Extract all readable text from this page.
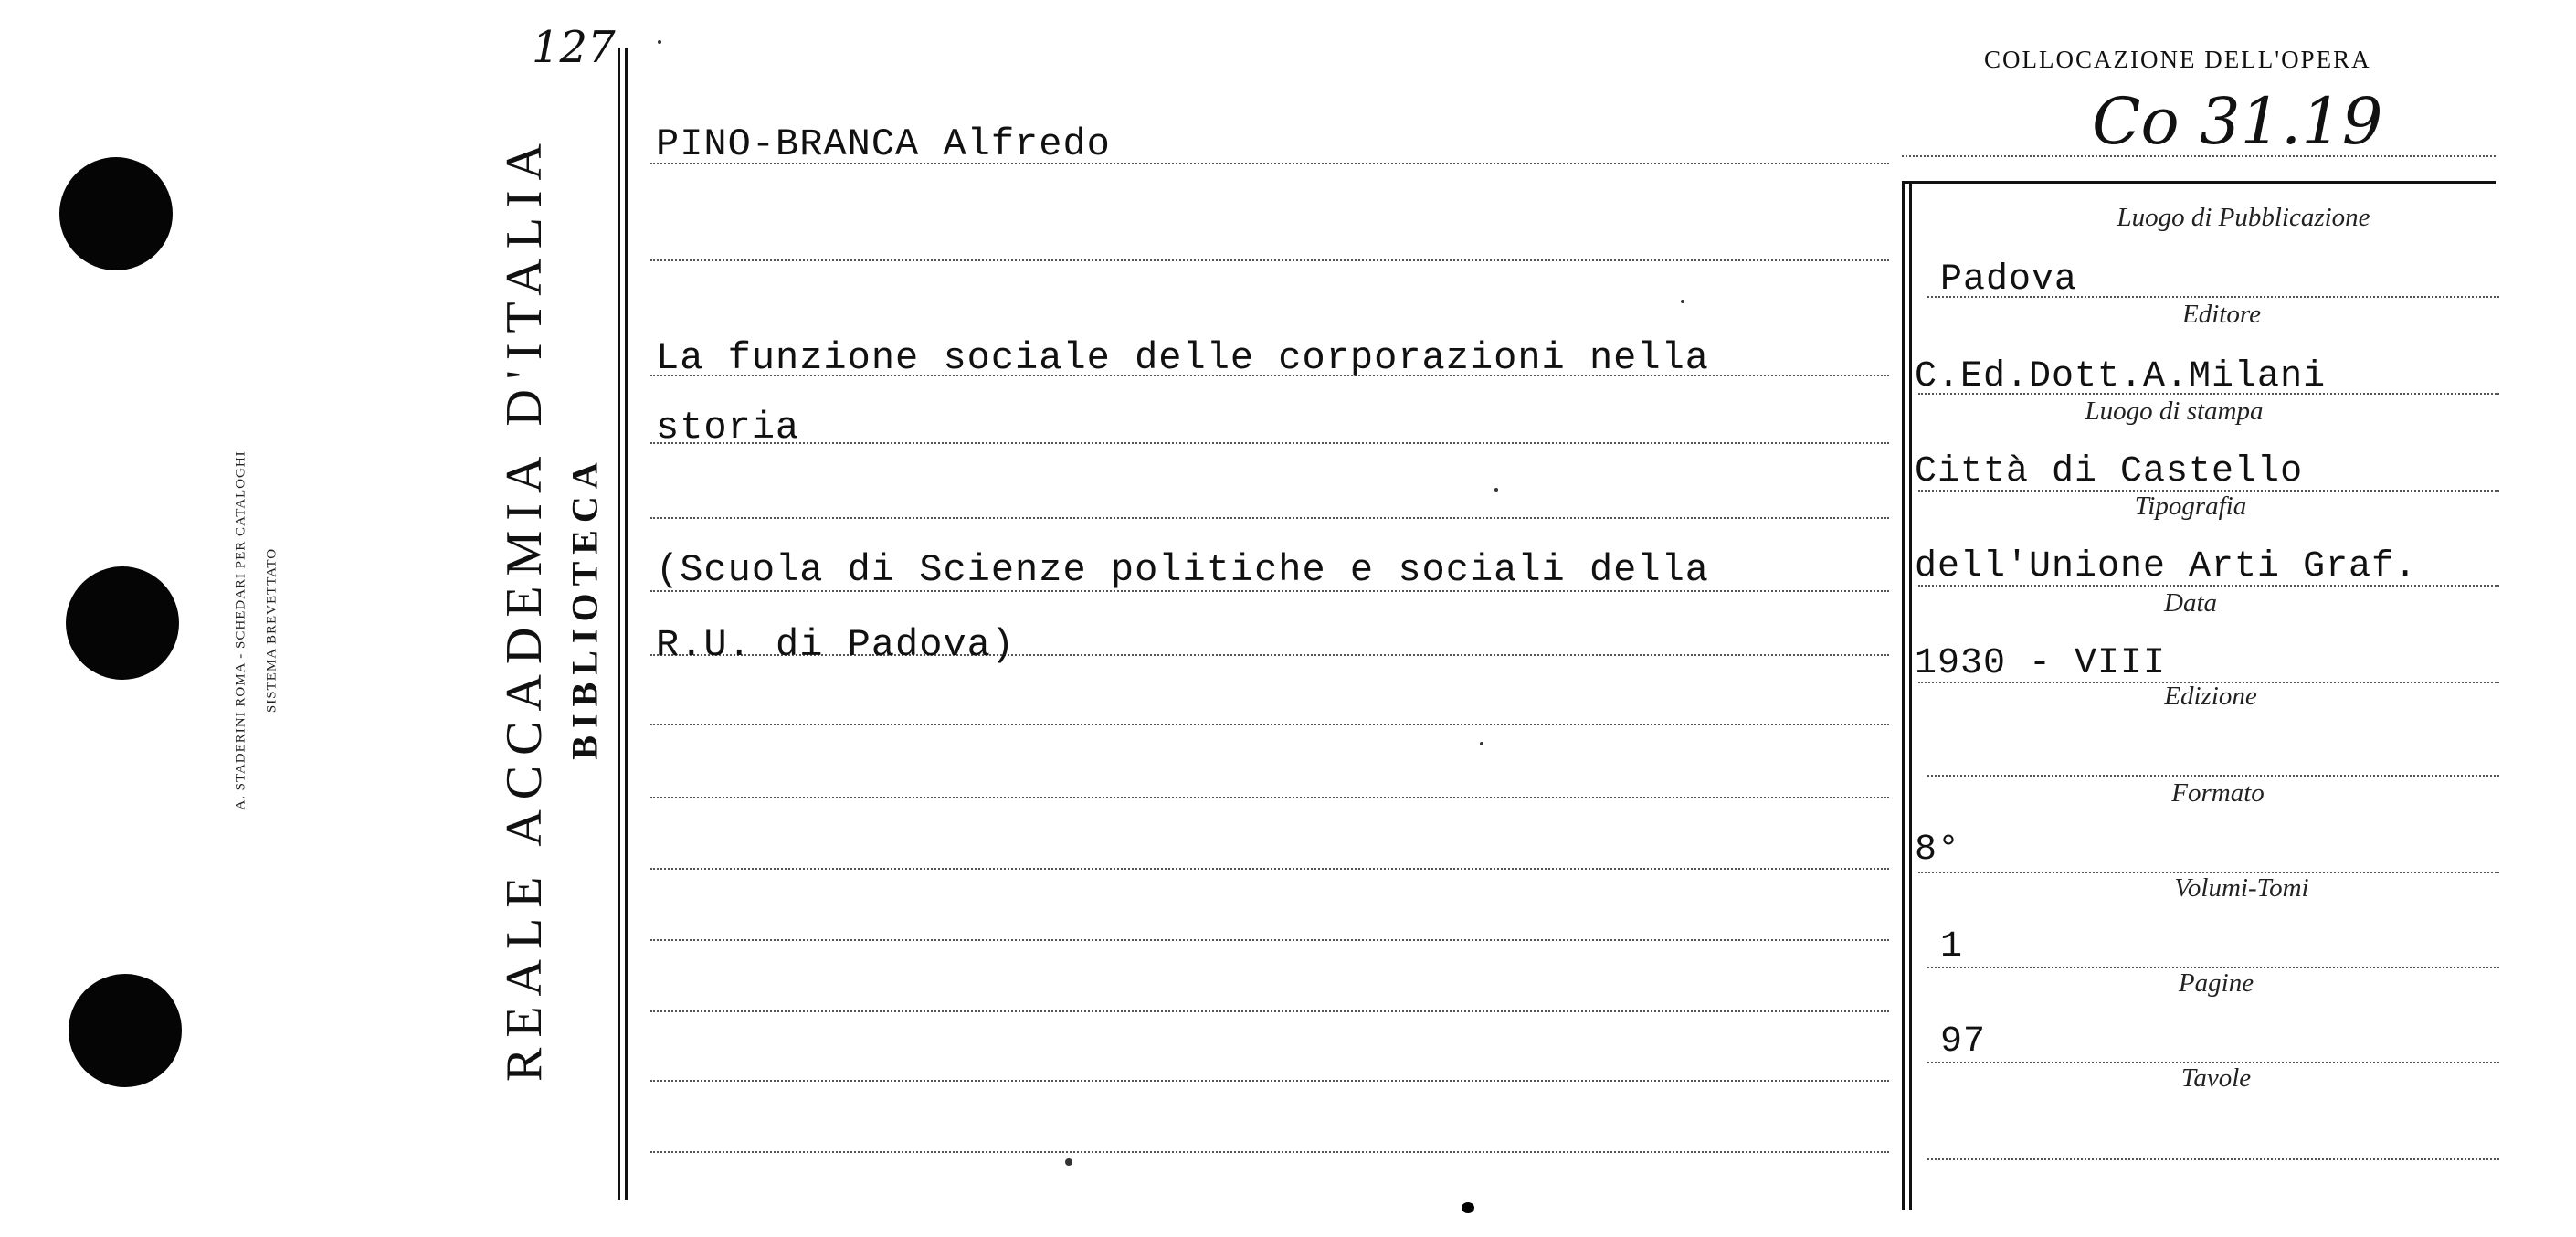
A. STADERINI ROMA - SCHEDARI PER CATALOGHI SISTEMA BREVETTATO	REALE ACCADEMIA D'ITALIA BIBLIOTECA
127	COLLOCAZIONE DELL'OPERA
Co 31.19
PINO-BRANCA Alfredo
La funzione sociale delle corporazioni nella
storia
(Scuola di Scienze politiche e sociali della
R.U. di Padova)
Luogo di Pubblicazione
Editore
Luogo di stampa
Tipografia
Data
Edizione
Formato
Volumi-Tomi
Pagine
Tavole
Padova
C.Ed.Dott.A.Milani
Città di Castello
dell'Unione Arti Graf.
1930 - VIII
8°
1
97
